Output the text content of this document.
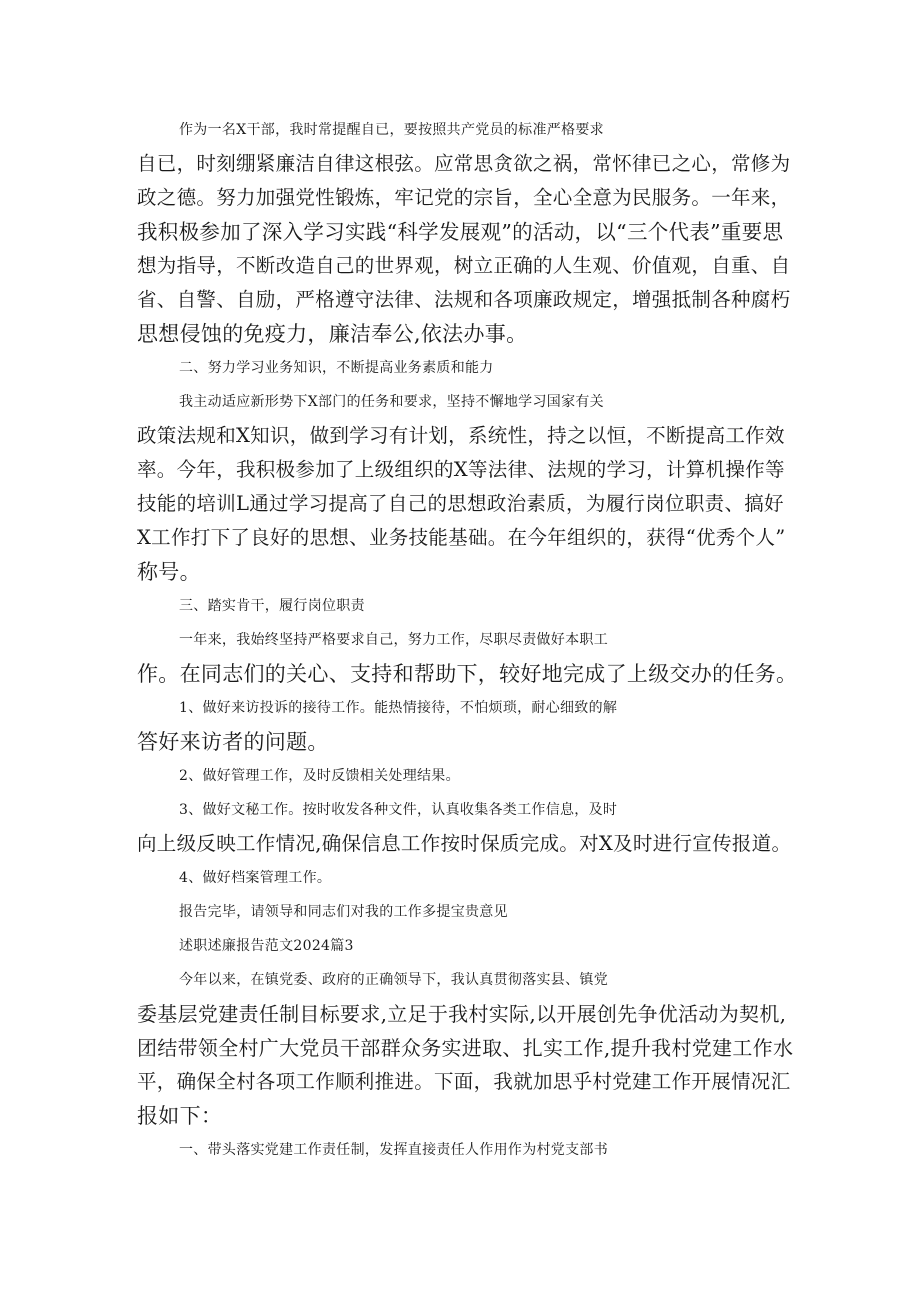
作为一名X干部，我时常提醒自已，要按照共产党员的标准严格要求
自已，时刻绷紧廉洁自律这根弦。应常思贪欲之祸，常怀律已之心，常修为
政之德。努力加强党性锻炼，牢记党的宗旨，全心全意为民服务。一年来，
我积极参加了深入学习实践“科学发展观”的活动，以“三个代表”重要思
想为指导，不断改造自己的世界观，树立正确的人生观、价值观，自重、自
省、自警、自励，严格遵守法律、法规和各项廉政规定，增强抵制各种腐朽
思想侵蚀的免疫力，廉洁奉公,依法办事。
二、努力学习业务知识，不断提高业务素质和能力
我主动适应新形势下X部门的任务和要求，坚持不懈地学习国家有关
政策法规和X知识，做到学习有计划，系统性，持之以恒，不断提高工作效
率。今年，我积极参加了上级组织的X等法律、法规的学习，计算机操作等
技能的培训L通过学习提高了自己的思想政治素质，为履行岗位职责、搞好
X工作打下了良好的思想、业务技能基础。在今年组织的，获得“优秀个人”
称号。
三、踏实肯干，履行岗位职责
一年来，我始终坚持严格要求自己，努力工作，尽职尽责做好本职工
作。在同志们的关心、支持和帮助下，较好地完成了上级交办的任务。
1、做好来访投诉的接待工作。能热情接待，不怕烦琐，耐心细致的解
答好来访者的问题。
2、做好管理工作，及时反馈相关处理结果。
3、做好文秘工作。按时收发各种文件，认真收集各类工作信息，及时
向上级反映工作情况,确保信息工作按时保质完成。对X及时进行宣传报道。
4、做好档案管理工作。
报告完毕，请领导和同志们对我的工作多提宝贵意见
述职述廉报告范文2024篇3
今年以来，在镇党委、政府的正确领导下，我认真贯彻落实县、镇党
委基层党建责任制目标要求,立足于我村实际,以开展创先争优活动为契机,
团结带领全村广大党员干部群众务实进取、扎实工作,提升我村党建工作水
平，确保全村各项工作顺利推进。下面，我就加思乎村党建工作开展情况汇
报如下：
一、带头落实党建工作责任制，发挥直接责任人作用作为村党支部书
